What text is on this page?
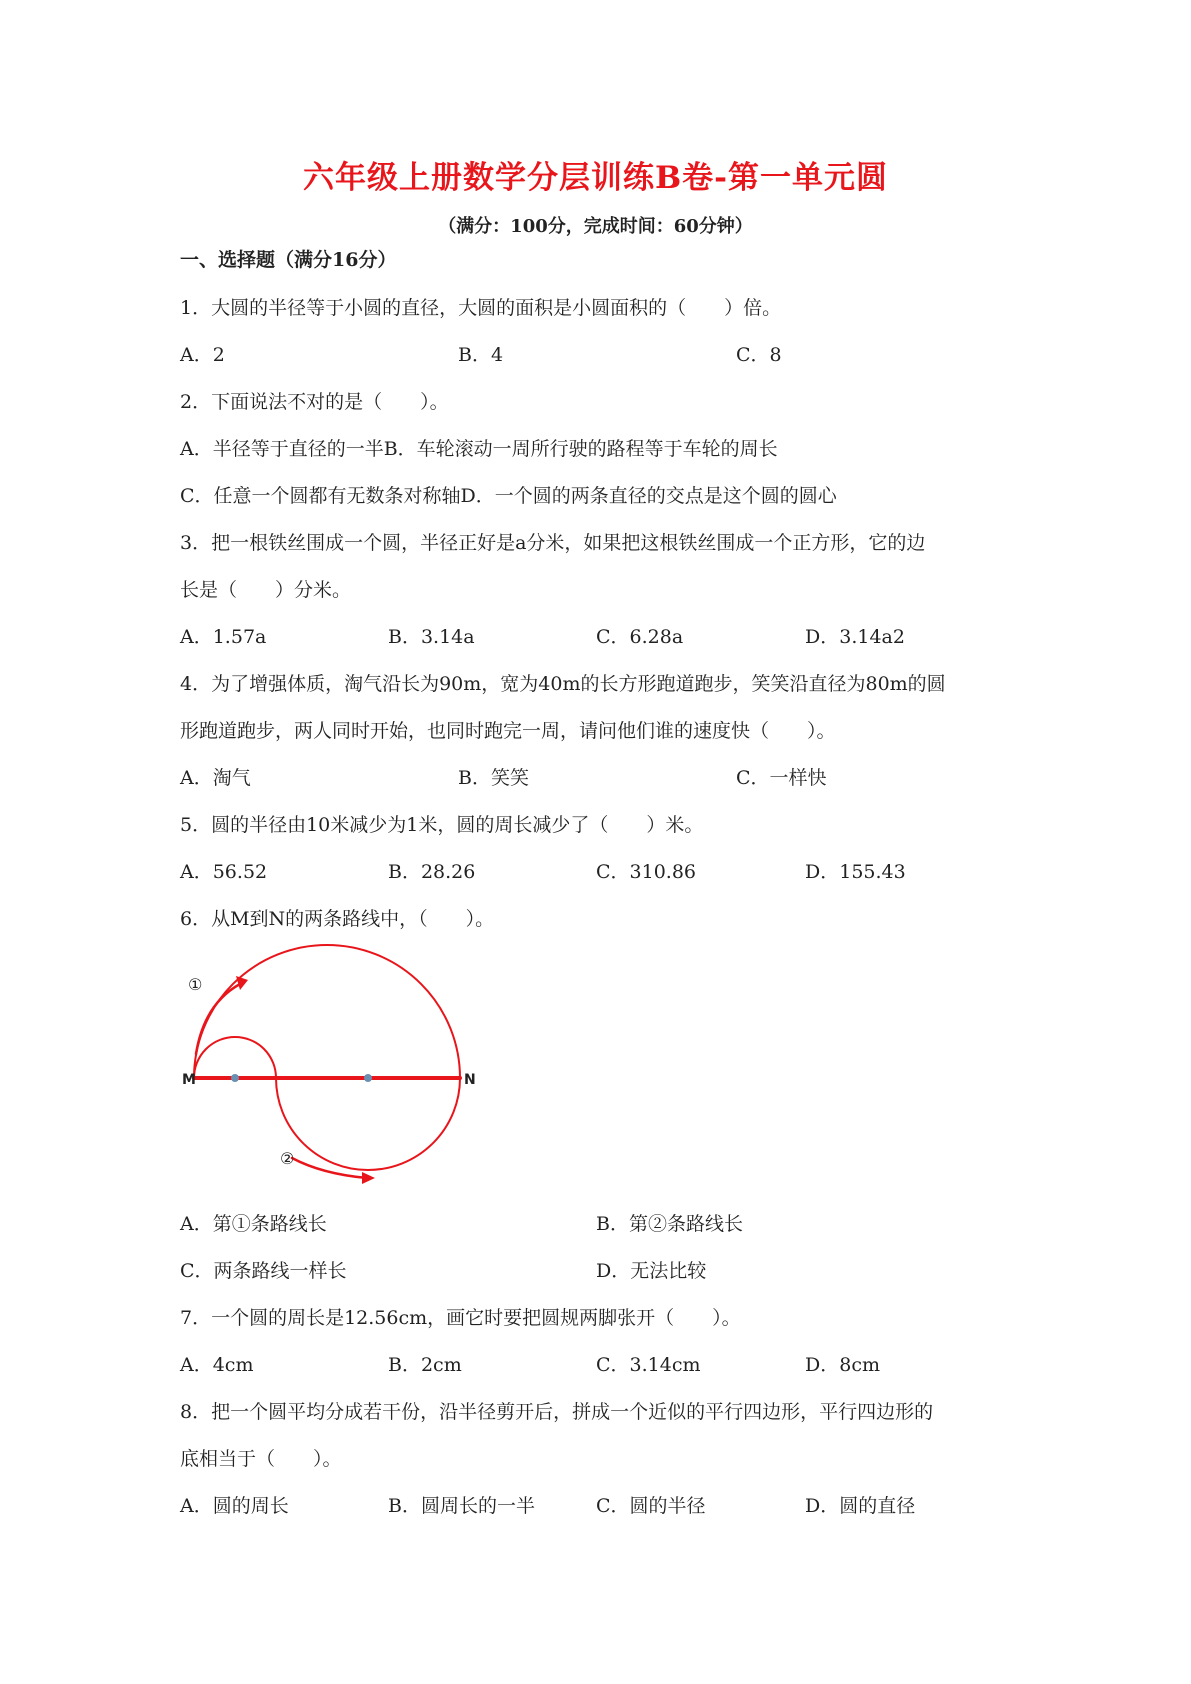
六年级上册数学分层训练B卷-第一单元圆
（满分：100分，完成时间：60分钟）
一、选择题（满分16分）
1．大圆的半径等于小圆的直径，大圆的面积是小圆面积的（　　）倍。
A．2	B．4	C．8
2．下面说法不对的是（　　）。
A．半径等于直径的一半B．车轮滚动一周所行驶的路程等于车轮的周长
C．任意一个圆都有无数条对称轴D．一个圆的两条直径的交点是这个圆的圆心
3．把一根铁丝围成一个圆，半径正好是a分米，如果把这根铁丝围成一个正方形，它的边
长是（　　）分米。
A．1.57a	B．3.14a	C．6.28a	D．3.14a2
4．为了增强体质，淘气沿长为90m，宽为40m的长方形跑道跑步，笑笑沿直径为80m的圆
形跑道跑步，两人同时开始，也同时跑完一周，请问他们谁的速度快（　　）。
A．淘气	B．笑笑	C．一样快
5．圆的半径由10米减少为1米，圆的周长减少了（　　）米。
A．56.52	B．28.26	C．310.86	D．155.43
6．从M到N的两条路线中，（　　）。
M	N
①
②
A．第①条路线长	B．第②条路线长
C．两条路线一样长	D．无法比较
7．一个圆的周长是12.56cm，画它时要把圆规两脚张开（　　）。
A．4cm	B．2cm	C．3.14cm	D．8cm
8．把一个圆平均分成若干份，沿半径剪开后，拼成一个近似的平行四边形，平行四边形的
底相当于（　　）。
A．圆的周长	B．圆周长的一半	C．圆的半径	D．圆的直径
